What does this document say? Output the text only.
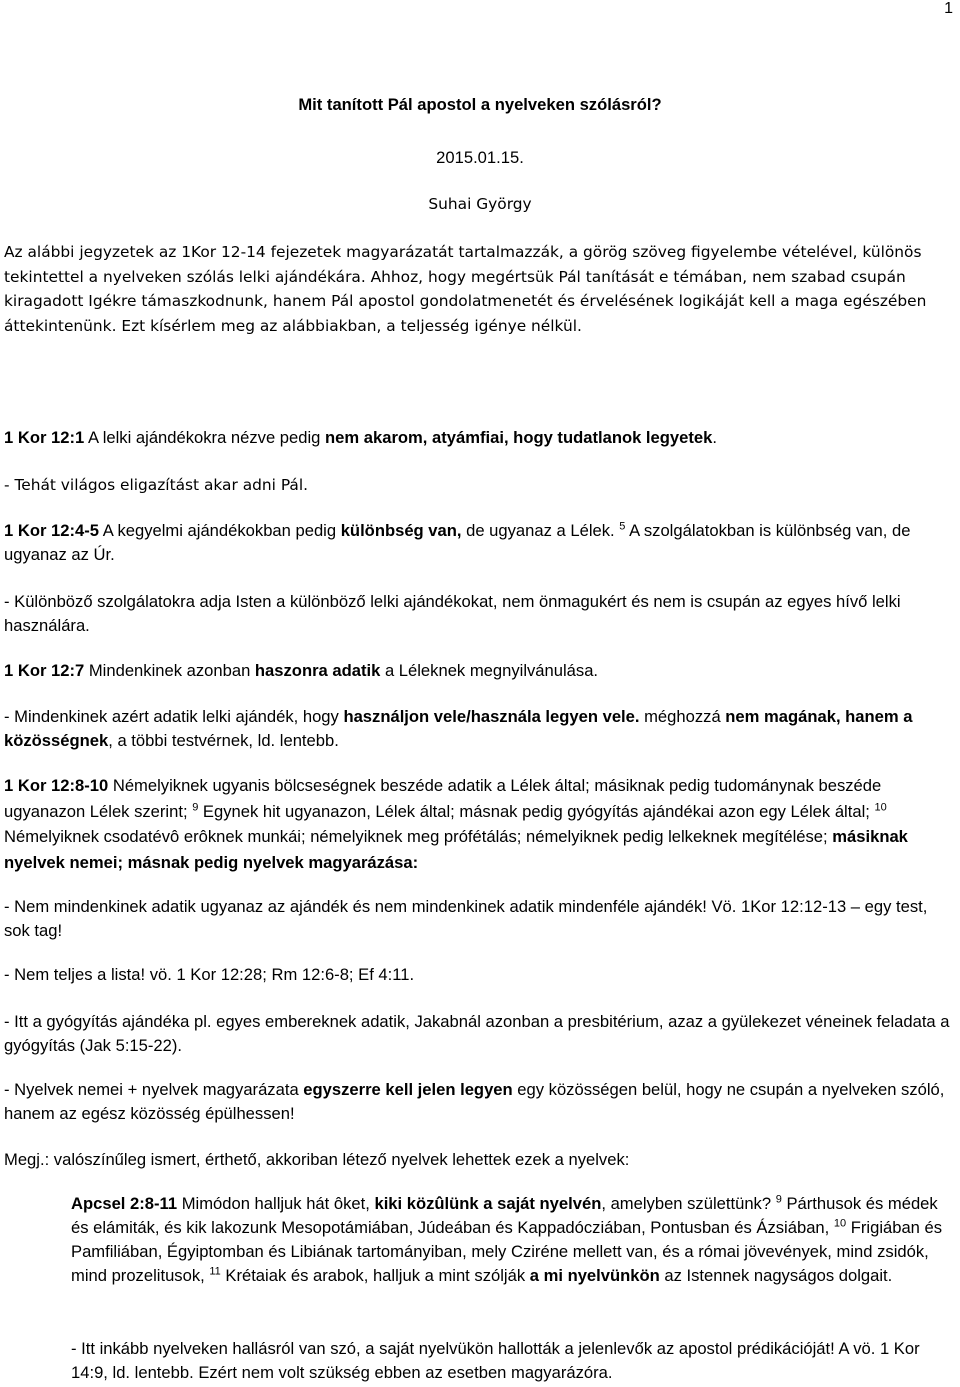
1
Mit tanított Pál apostol a nyelveken szólásról?
2015.01.15.
Suhai György

Az alábbi jegyzetek az 1Kor 12-14 fejezetek magyarázatát tartalmazzák, a görög szöveg figyelembe vételével, különös tekintettel a nyelveken szólás lelki ajándékára. Ahhoz, hogy megértsük Pál tanítását e témában, nem szabad csupán kiragadott Igékre támaszkodnunk, hanem Pál apostol gondolatmenetét és érvelésének logikáját kell a maga egészében áttekintenünk. Ezt kísérlem meg az alábbiakban, a teljesség igénye nélkül.

1 Kor 12:1 A lelki ajándékokra nézve pedig nem akarom, atyámfiai, hogy tudatlanok legyetek.

- Tehát világos eligazítást akar adni Pál.

1 Kor 12:4-5 A kegyelmi ajándékokban pedig különbség van, de ugyanaz a Lélek. $^5$ A szolgálatokban is különbség van, de ugyanaz az Úr.

- Különböző szolgálatokra adja Isten a különböző lelki ajándékokat, nem önmagukért és nem is csupán az egyes hívő lelki használára.

1 Kor 12:7 Mindenkinek azonban haszonra adatik a Léleknek megnyilvánulása.

- Mindenkinek azért adatik lelki ajándék, hogy használjon vele/használa legyen vele. méghozzá nem magának, hanem a közösségnek, a többi testvérnek, ld. lentebb.

1 Kor 12:8-10 Némelyiknek ugyanis bölcseségnek beszéde adatik a Lélek által; másiknak pedig tudománynak beszéde ugyanazon Lélek szerint; $^9$ Egynek hit ugyanazon, Lélek által; másnak pedig gyógyítás ajándékai azon egy Lélek által; $^{10}$ Némelyiknek csodatévô erôknek munkái; némelyiknek meg prófétálás; némelyiknek pedig lelkeknek megítélése; másiknak nyelvek nemei; másnak pedig nyelvek magyarázása:

- Nem mindenkinek adatik ugyanaz az ajándék és nem mindenkinek adatik mindenféle ajándék! Vö. 1Kor 12:12-13 – egy test, sok tag!

- Nem teljes a lista! vö. 1 Kor 12:28; Rm 12:6-8; Ef 4:11.

- Itt a gyógyítás ajándéka pl. egyes embereknek adatik, Jakabnál azonban a presbitérium, azaz a gyülekezet véneinek feladata a gyógyítás (Jak 5:15-22).

- Nyelvek nemei + nyelvek magyarázata egyszerre kell jelen legyen egy közösségen belül, hogy ne csupán a nyelveken szóló, hanem az egész közösség épülhessen!

Megj.: valószínűleg ismert, érthető, akkoriban létező nyelvek lehettek ezek a nyelvek:

Apcsel 2:8-11 Mimódon halljuk hát ôket, kiki közûlünk a saját nyelvén, amelyben születtünk? $^9$ Párthusok és médek és elámiták, és kik lakozunk Mesopotámiában, Júdeában és Kappadócziában, Pontusban és Ázsiában, $^{10}$ Frigiában és Pamfiliában, Égyiptomban és Libiának tartományiban, mely Cziréne mellett van, és a római jövevények, mind zsidók, mind prozelitusok, $^{11}$ Krétaiak és arabok, halljuk a mint szólják a mi nyelvünkön az Istennek nagyságos dolgait.

- Itt inkább nyelveken hallásról van szó, a saját nyelvükön hallották a jelenlevők az apostol prédikációját! A vö. 1 Kor 14:9, ld. lentebb. Ezért nem volt szükség ebben az esetben magyarázóra.
